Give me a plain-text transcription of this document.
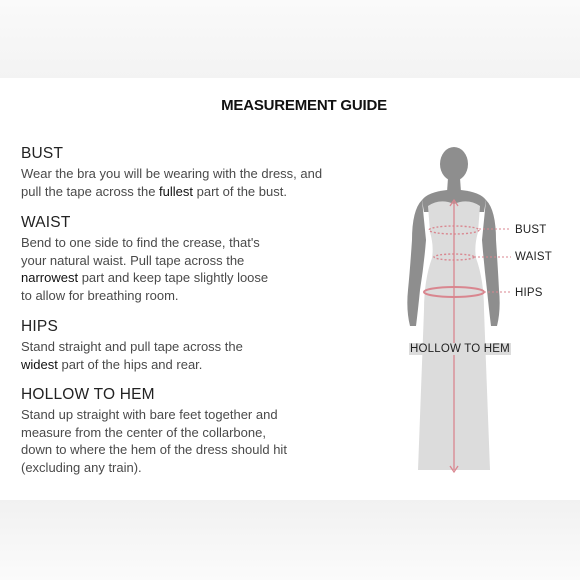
MEASUREMENT GUIDE
BUST

Wear the bra you will be wearing with the dress, and
pull the tape across the fullest part of the bust.

WAIST

Bend to one side to find the crease, that's
your natural waist. Pull tape across the
narrowest part and keep tape slightly loose
to allow for breathing room.

HIPS

Stand straight and pull tape across the
widest part of the hips and rear.

HOLLOW TO HEM

Stand up straight with bare feet together and
measure from the center of the collarbone,
down to where the hem of the dress should hit
(excluding any train).

BUST
WAIST
HIPS
HOLLOW TO HEM
